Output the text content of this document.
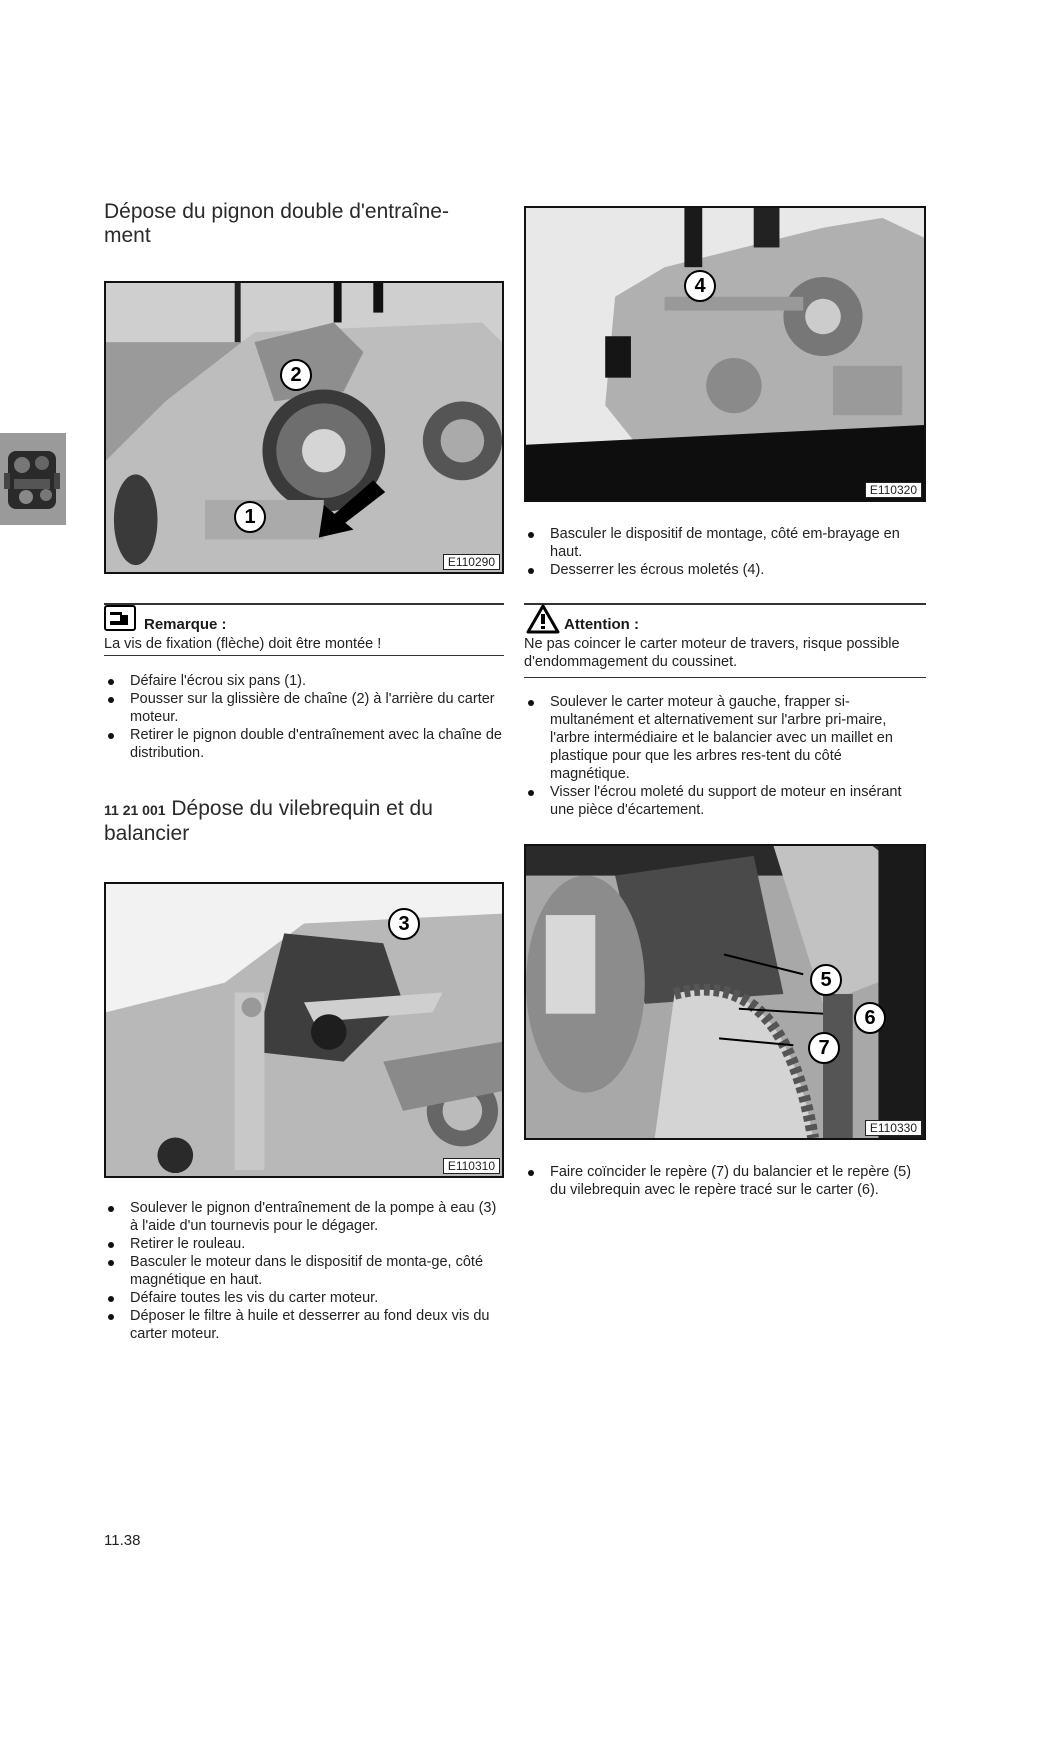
Dépose du pignon double d'entraîne-
ment
2
1
E110290
Remarque :
La vis de fixation (flèche) doit être montée !
Défaire l'écrou six pans (1).
Pousser sur la glissière de chaîne (2) à l'arrière du carter moteur.
Retirer le pignon double d'entraînement avec la chaîne de distribution.
11 21 001 Dépose du vilebrequin et du balancier
3
E110310
Soulever le pignon d'entraînement de la pompe à eau (3) à l'aide d'un tournevis pour le dégager.
Retirer le rouleau.
Basculer le moteur dans le dispositif de monta-ge, côté magnétique en haut.
Défaire toutes les vis du carter moteur.
Déposer le filtre à huile et desserrer au fond deux vis du carter moteur.
4
E110320
Basculer le dispositif de montage, côté em-brayage en haut.
Desserrer les écrous moletés (4).
Attention :
Ne pas coincer le carter moteur de travers, risque possible d'endommagement du coussinet.
Soulever le carter moteur à gauche, frapper si-multanément et alternativement sur l'arbre pri-maire, l'arbre intermédiaire et le balancier avec un maillet en plastique pour que les arbres res-tent du côté magnétique.
Visser l'écrou moleté du support de moteur en insérant une pièce d'écartement.
5
6
7
E110330
Faire coïncider le repère (7) du balancier et le repère (5) du vilebrequin avec le repère tracé sur le carter (6).
11.38
